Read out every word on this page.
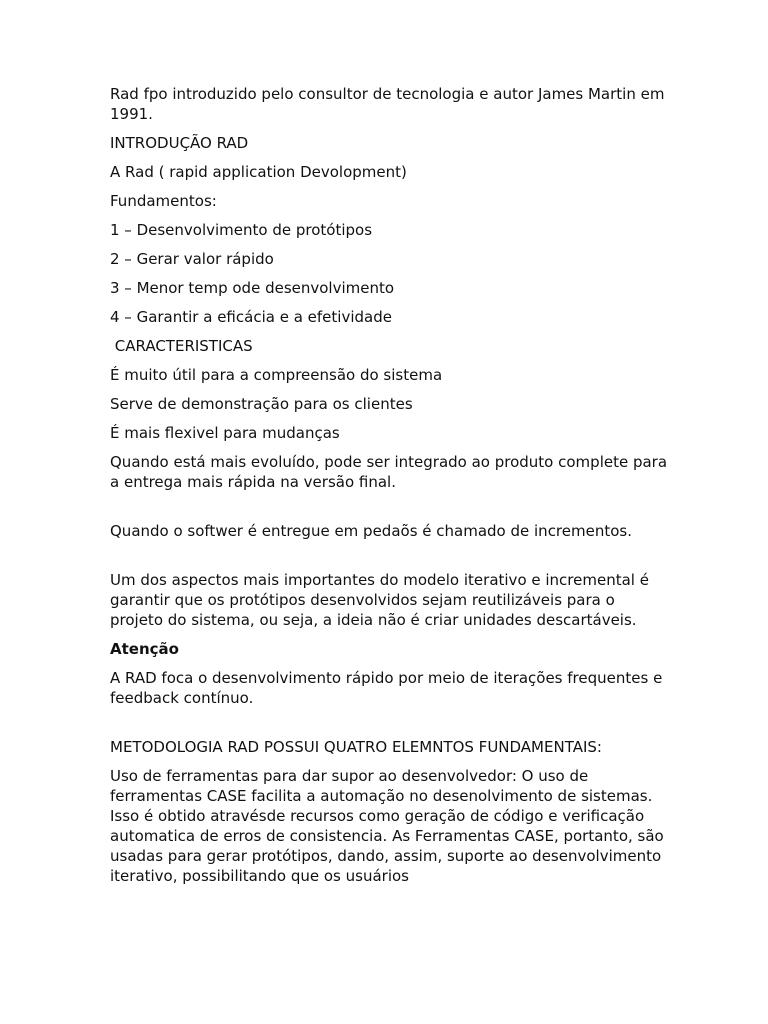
Rad fpo introduzido pelo consultor de tecnologia e autor James Martin em 1991.

INTRODUÇÃO RAD

A Rad ( rapid application Devolopment)

Fundamentos:

1 – Desenvolvimento de protótipos

2 – Gerar valor rápido

3 – Menor temp ode desenvolvimento

4 – Garantir a eficácia e a efetividade

CARACTERISTICAS

É muito útil para a compreensão do sistema

Serve de demonstração para os clientes

É mais flexivel para mudanças

Quando está mais evoluído, pode ser integrado ao produto complete para a entrega mais rápida na versão final.

Quando o softwer é entregue em pedaõs é chamado de incrementos.

Um dos aspectos mais importantes do modelo iterativo e incremental é garantir que os protótipos desenvolvidos sejam reutilizáveis para o projeto do sistema, ou seja, a ideia não é criar unidades descartáveis.

Atenção

A RAD foca o desenvolvimento rápido por meio de iterações frequentes e feedback contínuo.

METODOLOGIA RAD POSSUI QUATRO ELEMNTOS FUNDAMENTAIS:

Uso de ferramentas para dar supor ao desenvolvedor: O uso de ferramentas CASE facilita a automação no desenolvimento de sistemas. Isso é obtido atravésde recursos como geração de código e verificação automatica de erros de consistencia. As Ferramentas CASE, portanto, são usadas para gerar protótipos, dando, assim, suporte ao desenvolvimento iterativo, possibilitando que os usuários
